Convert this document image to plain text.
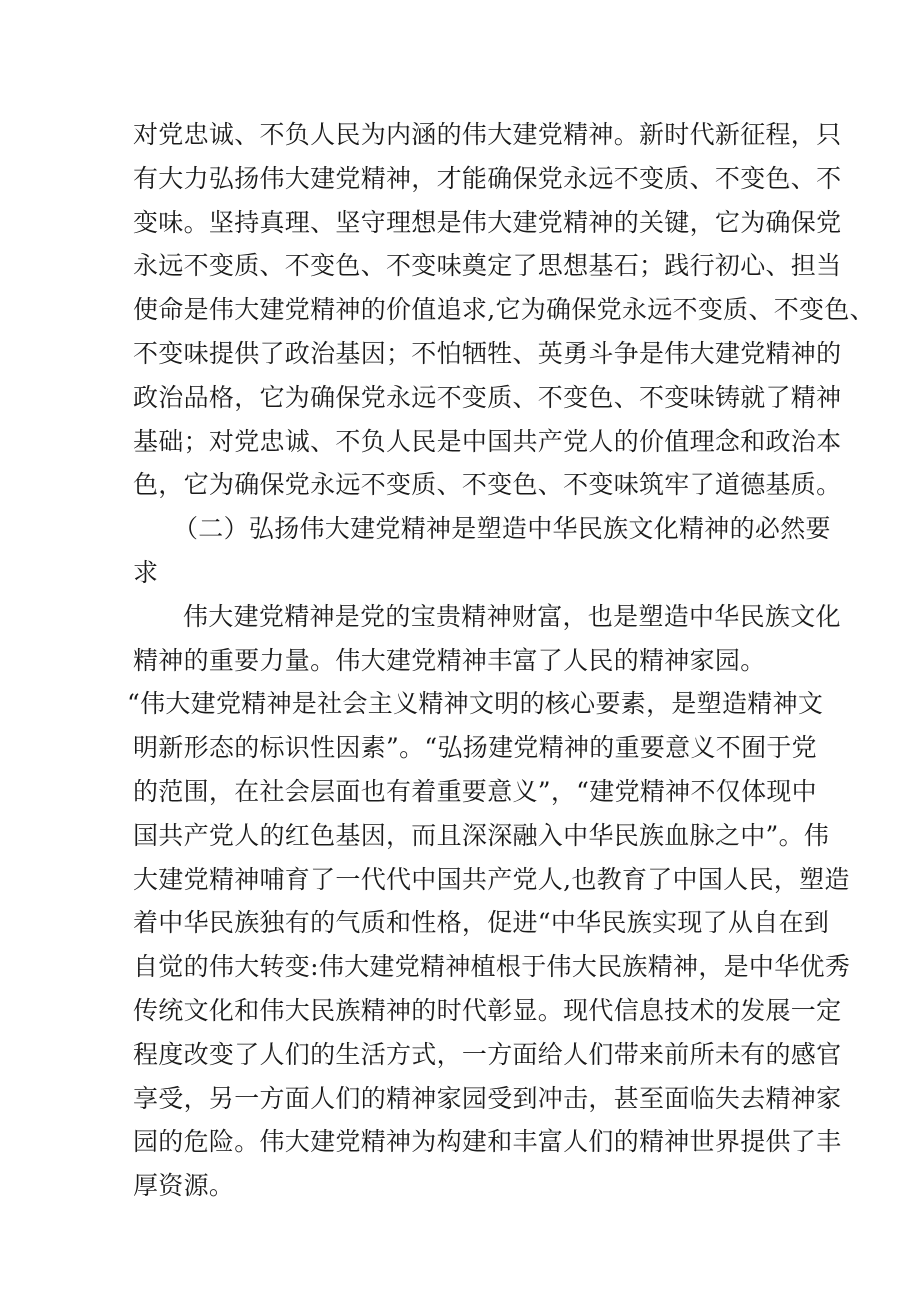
对党忠诚、不负人民为内涵的伟大建党精神。新时代新征程，只
有大力弘扬伟大建党精神，才能确保党永远不变质、不变色、不
变味。坚持真理、坚守理想是伟大建党精神的关键，它为确保党
永远不变质、不变色、不变味奠定了思想基石；践行初心、担当
使命是伟大建党精神的价值追求,它为确保党永远不变质、不变色、
不变味提供了政治基因；不怕牺牲、英勇斗争是伟大建党精神的
政治品格，它为确保党永远不变质、不变色、不变味铸就了精神
基础；对党忠诚、不负人民是中国共产党人的价值理念和政治本
色，它为确保党永远不变质、不变色、不变味筑牢了道德基质。
（二）弘扬伟大建党精神是塑造中华民族文化精神的必然要
求
伟大建党精神是党的宝贵精神财富，也是塑造中华民族文化
精神的重要力量。伟大建党精神丰富了人民的精神家园。
“伟大建党精神是社会主义精神文明的核心要素，是塑造精神文
明新形态的标识性因素”。“弘扬建党精神的重要意义不囿于党
的范围，在社会层面也有着重要意义”，“建党精神不仅体现中
国共产党人的红色基因，而且深深融入中华民族血脉之中”。伟
大建党精神哺育了一代代中国共产党人,也教育了中国人民，塑造
着中华民族独有的气质和性格，促进“中华民族实现了从自在到
自觉的伟大转变:伟大建党精神植根于伟大民族精神，是中华优秀
传统文化和伟大民族精神的时代彰显。现代信息技术的发展一定
程度改变了人们的生活方式，一方面给人们带来前所未有的感官
享受，另一方面人们的精神家园受到冲击，甚至面临失去精神家
园的危险。伟大建党精神为构建和丰富人们的精神世界提供了丰
厚资源。
